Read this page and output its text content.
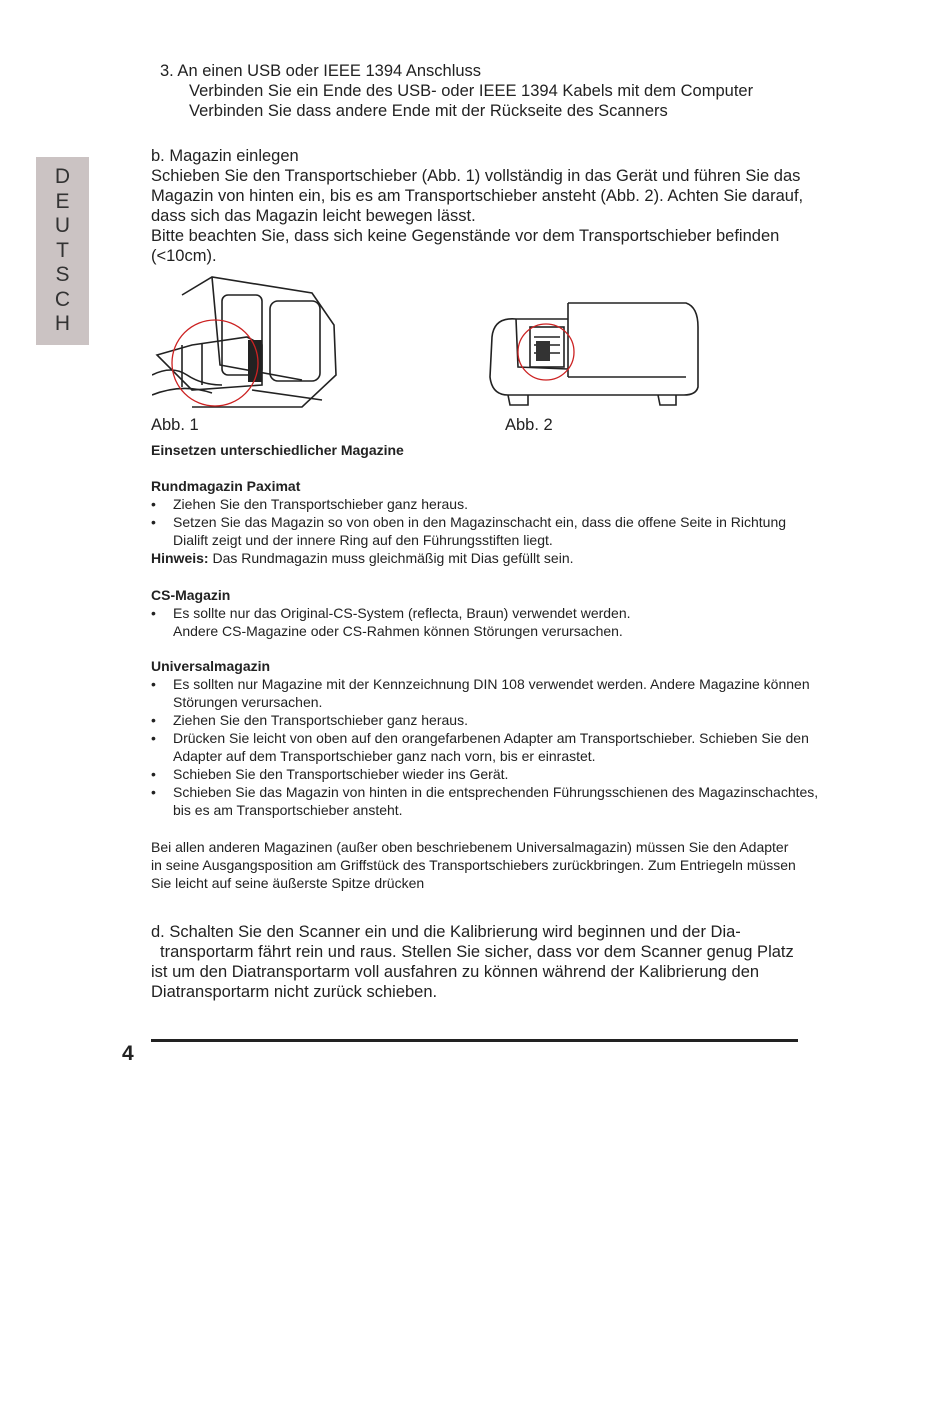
D
E
U
T
S
C
H
3. An einen USB oder IEEE 1394 Anschluss
Verbinden Sie ein Ende des USB- oder IEEE 1394 Kabels mit dem Computer
Verbinden Sie dass andere Ende mit der Rückseite des Scanners
b. Magazin einlegen
Schieben Sie den Transportschieber (Abb. 1) vollständig in das Gerät und führen Sie das Magazin von hinten ein, bis es am Transportschieber ansteht (Abb. 2). Achten Sie darauf, dass sich das Magazin leicht bewegen lässt.
Bitte beachten Sie, dass sich keine Gegenstände vor dem Transportschieber befinden (<10cm).
Abb. 1	Abb. 2
Einsetzen unterschiedlicher Magazine
Rundmagazin Paximat
• Ziehen Sie den Transportschieber ganz heraus.
• Setzen Sie das Magazin so von oben in den Magazinschacht ein, dass die offene Seite in Richtung Dialift zeigt und der innere Ring auf den Führungsstiften liegt.
Hinweis: Das Rundmagazin muss gleichmäßig mit Dias gefüllt sein.
CS-Magazin
• Es sollte nur das Original-CS-System (reflecta, Braun) verwendet werden.
Andere CS-Magazine oder CS-Rahmen können Störungen verursachen.
Universalmagazin
• Es sollten nur Magazine mit der Kennzeichnung DIN 108 verwendet werden. Andere Magazine können Störungen verursachen.
• Ziehen Sie den Transportschieber ganz heraus.
• Drücken Sie leicht von oben auf den orangefarbenen Adapter am Transportschieber. Schieben Sie den Adapter auf dem Transportschieber ganz nach vorn, bis er einrastet.
• Schieben Sie den Transportschieber wieder ins Gerät.
• Schieben Sie das Magazin von hinten in die entsprechenden Führungsschienen des Magazinschachtes, bis es am Transportschieber ansteht.
Bei allen anderen Magazinen (außer oben beschriebenem Universalmagazin) müssen Sie den Adapter in seine Ausgangsposition am Griffstück des Transportschiebers zurückbringen. Zum Entriegeln müssen Sie leicht auf seine äußerste Spitze drücken
d. Schalten Sie den Scanner ein und die Kalibrierung wird beginnen und der Dia-
transportarm fährt rein und raus. Stellen Sie sicher, dass vor dem Scanner genug Platz
ist um den Diatransportarm voll ausfahren zu können während der Kalibrierung den
Diatransportarm nicht zurück schieben.
4
